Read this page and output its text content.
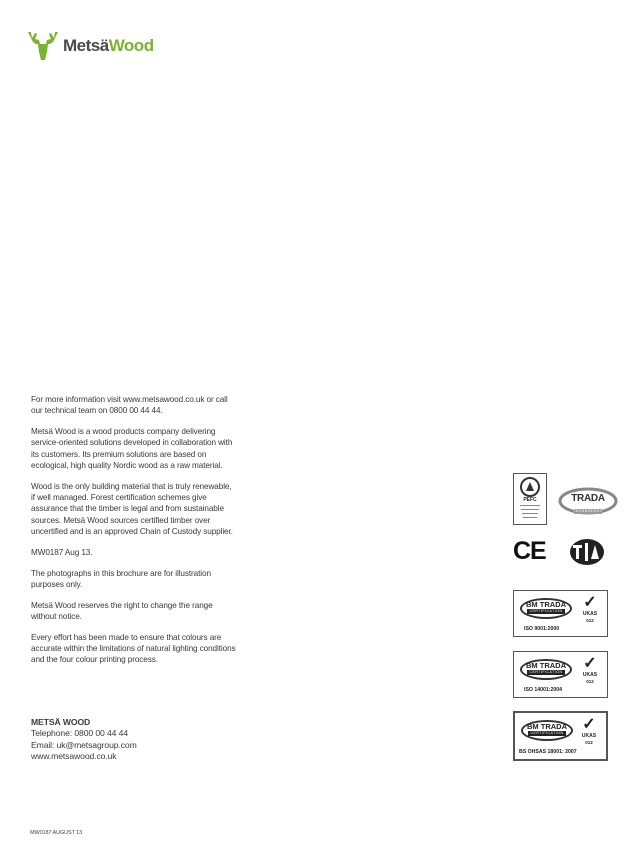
MetsäWood

For more information visit www.metsawood.co.uk or call our technical team on 0800 00 44 44.

Metsä Wood is a wood products company delivering service-oriented solutions developed in collaboration with its customers. Its premium solutions are based on ecological, high quality Nordic wood as a raw material.

Wood is the only building material that is truly renewable, if well managed. Forest certification schemes give assurance that the timber is legal and from sustainable sources. Metsä Wood sources certified timber over uncertified and is an approved Chain of Custody supplier.

MW0187 Aug 13.

The photographs in this brochure are for illustration purposes only.

Metsä Wood reserves the right to change the range without notice.

Every effort has been made to ensure that colours are accurate within the limitations of natural lighting conditions and the four colour printing process.

METSÄ WOOD
Telephone: 0800 00 44 44
Email: uk@metsagroup.com
www.metsawood.co.uk
MW0187 AUGUST 13
PEFC	TRADA
TECHNOLOGY
CE
BM TRADA
CERTIFICATION	✓
UKAS
012
ISO 9001:2000
BM TRADA
CERTIFICATION	✓
UKAS
012
ISO 14001:2004
BM TRADA
CERTIFICATION	✓
UKAS
012
BS OHSAS 18001: 2007
